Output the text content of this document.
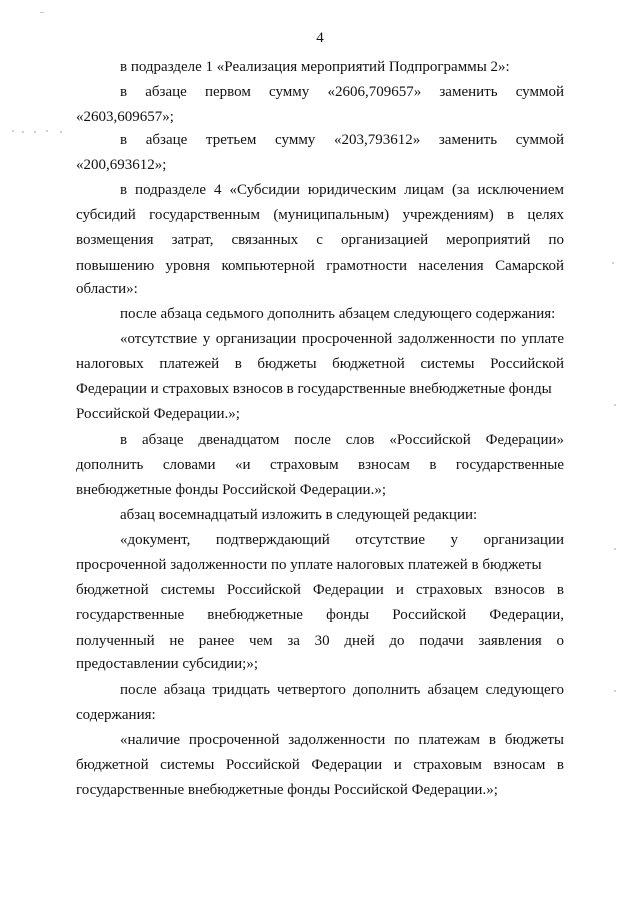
4
в подразделе 1 «Реализация мероприятий Подпрограммы 2»:
в абзаце первом сумму «2606,709657» заменить суммой
«2603,609657»;
в абзаце третьем сумму «203,793612» заменить суммой
«200,693612»;
в подразделе 4 «Субсидии юридическим лицам (за исключением
субсидий государственным (муниципальным) учреждениям) в целях
возмещения затрат, связанных с организацией мероприятий по
повышению уровня компьютерной грамотности населения Самарской
области»:
после абзаца седьмого дополнить абзацем следующего содержания:
«отсутствие у организации просроченной задолженности по уплате
налоговых платежей в бюджеты бюджетной системы Российской
Федерации и страховых взносов в государственные внебюджетные фонды
Российской Федерации.»;
в абзаце двенадцатом после слов «Российской Федерации»
дополнить словами «и страховым взносам в государственные
внебюджетные фонды Российской Федерации.»;
абзац восемнадцатый изложить в следующей редакции:
«документ, подтверждающий отсутствие у организации
просроченной задолженности по уплате налоговых платежей в бюджеты
бюджетной системы Российской Федерации и страховых взносов в
государственные внебюджетные фонды Российской Федерации,
полученный не ранее чем за 30 дней до подачи заявления о
предоставлении субсидии;»;
после абзаца тридцать четвертого дополнить абзацем следующего
содержания:
«наличие просроченной задолженности по платежам в бюджеты
бюджетной системы Российской Федерации и страховым взносам в
государственные внебюджетные фонды Российской Федерации.»;
